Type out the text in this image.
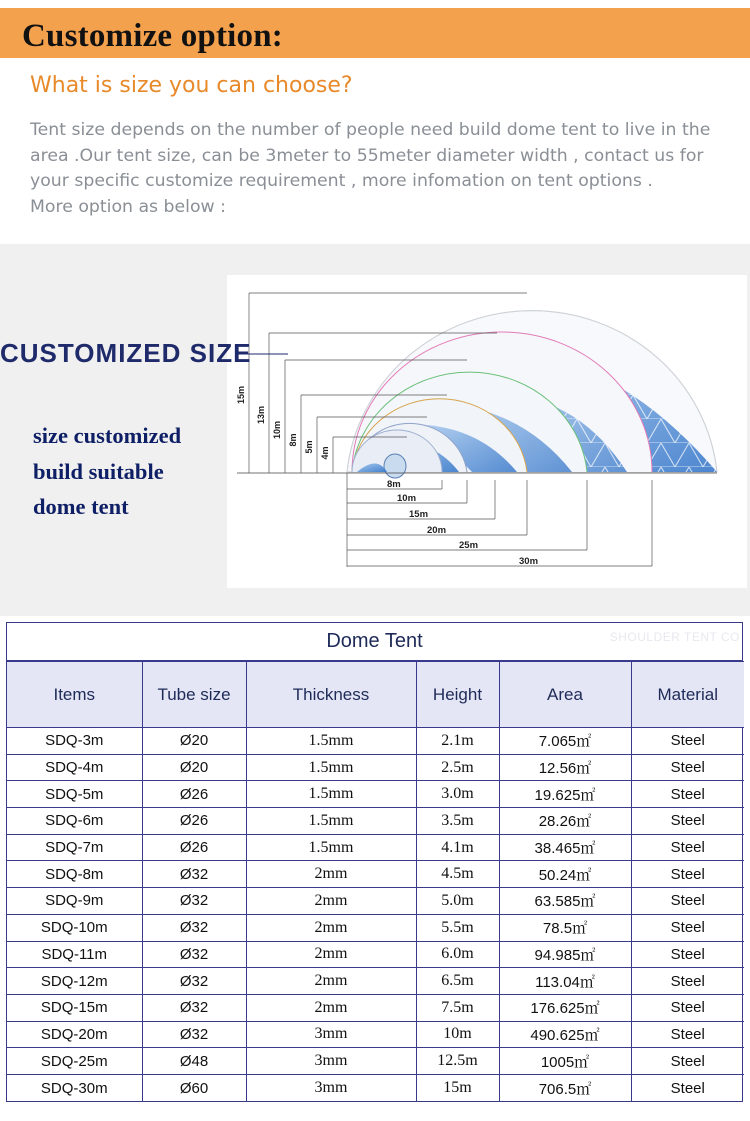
Customize option:
What is size you can choose?
Tent size depends on the number of people need build dome tent to live in the area .Our tent size, can be 3meter to 55meter diameter width , contact us for your specific customize requirement , more infomation on tent options .
More option as below :
15m
13m
10m
8m
5m 4m
8m
10m
15m
20m
25m
30m
CUSTOMIZED SIZE
size customized
build suitable
dome tent
Dome Tent	SHOULDER TENT CO
Items	Tube size	Thickness	Height	Area	Material
SDQ-3m	Ø20	1.5mm	2.1m	7.065㎡	Steel
SDQ-4m	Ø20	1.5mm	2.5m	12.56㎡	Steel
SDQ-5m	Ø26	1.5mm	3.0m	19.625㎡	Steel
SDQ-6m	Ø26	1.5mm	3.5m	28.26㎡	Steel
SDQ-7m	Ø26	1.5mm	4.1m	38.465㎡	Steel
SDQ-8m	Ø32	2mm	4.5m	50.24㎡	Steel
SDQ-9m	Ø32	2mm	5.0m	63.585㎡	Steel
SDQ-10m	Ø32	2mm	5.5m	78.5㎡	Steel
SDQ-11m	Ø32	2mm	6.0m	94.985㎡	Steel
SDQ-12m	Ø32	2mm	6.5m	113.04㎡	Steel
SDQ-15m	Ø32	2mm	7.5m	176.625㎡	Steel
SDQ-20m	Ø32	3mm	10m	490.625㎡	Steel
SDQ-25m	Ø48	3mm	12.5m	1005㎡	Steel
SDQ-30m	Ø60	3mm	15m	706.5㎡	Steel
